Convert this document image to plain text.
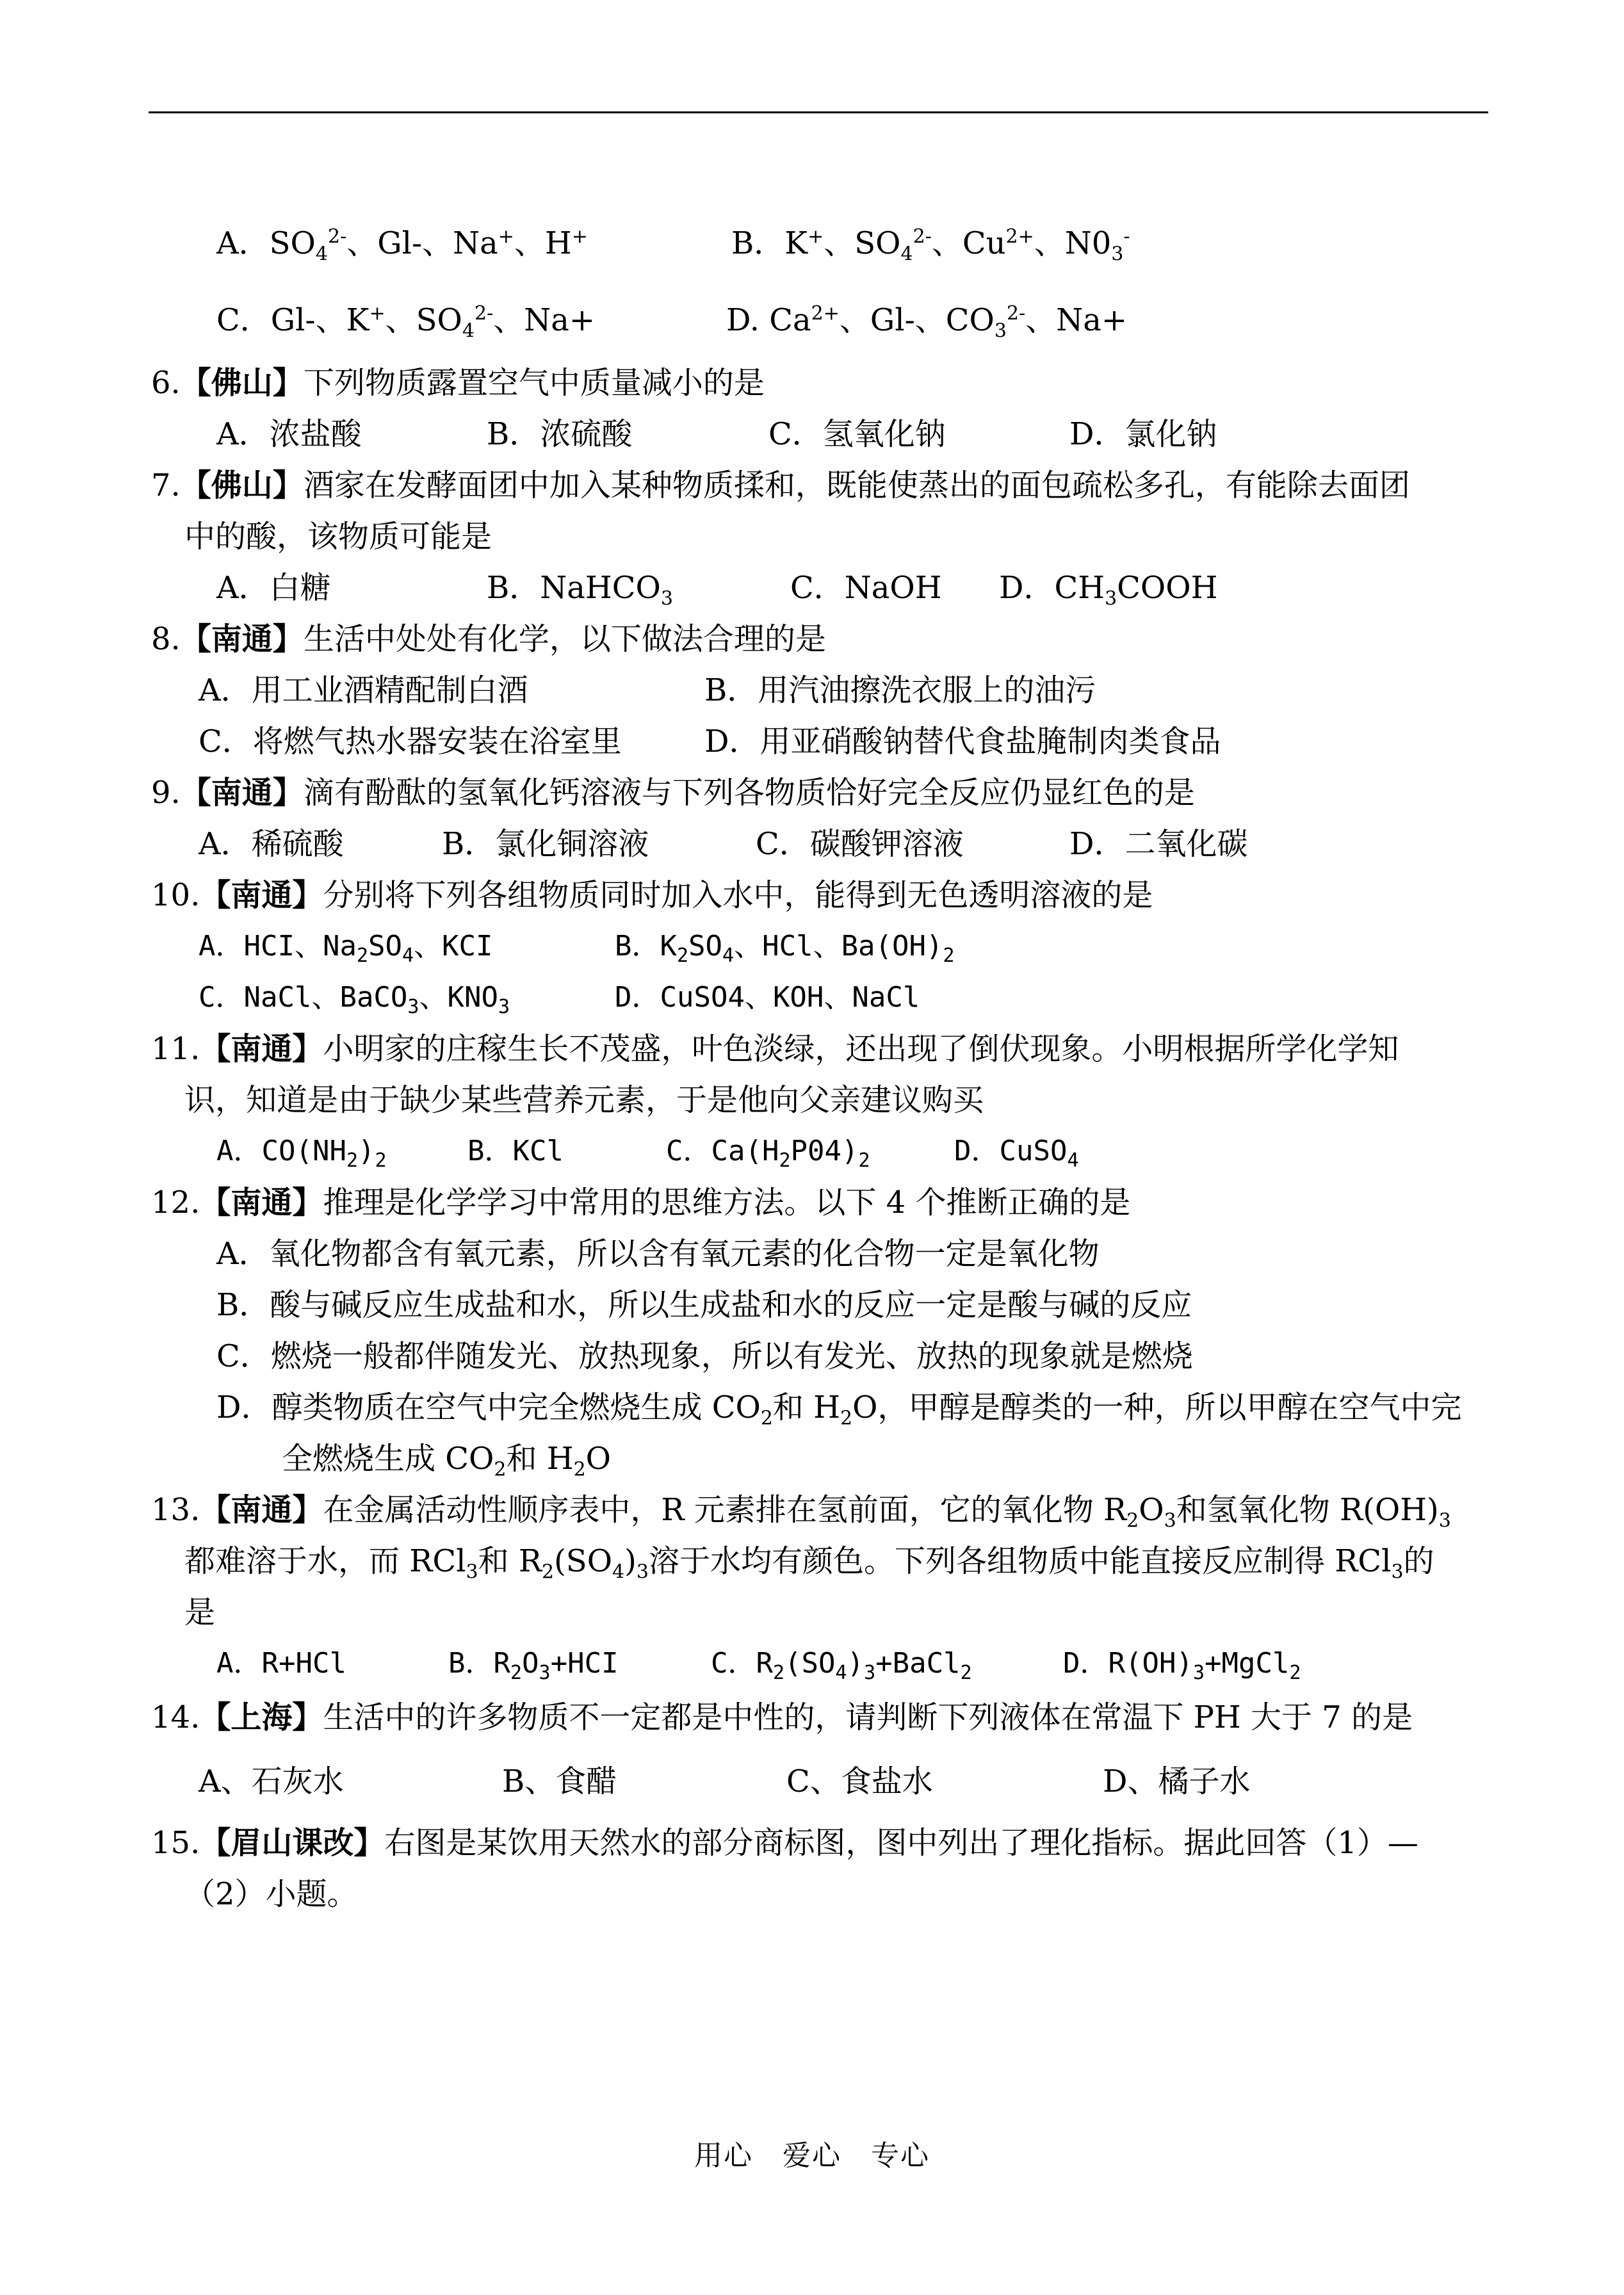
A．$SO_4^{2-}$、Gl-、Na+、H+	B．K+、$SO_4^{2-}$、$Cu^{2+}$、$N0_3^-$
C．Gl-、K+、$SO_4^{2-}$、Na+	D. $Ca^{2+}$、Gl-、$CO_3^{2-}$、Na+
6.【佛山】下列物质露置空气中质量减小的是
A．浓盐酸	B．浓硫酸	C．氢氧化钠	D．氯化钠
7.【佛山】酒家在发酵面团中加入某种物质揉和，既能使蒸出的面包疏松多孔，有能除去面团
中的酸，该物质可能是
A．白糖	B．NaHCO$_3$	C．NaOH D．$CH_3COOH$
8.【南通】生活中处处有化学，以下做法合理的是
A．用工业酒精配制白酒	B．用汽油擦洗衣服上的油污
C．将燃气热水器安装在浴室里	D．用亚硝酸钠替代食盐腌制肉类食品
9.【南通】滴有酚酞的氢氧化钙溶液与下列各物质恰好完全反应仍显红色的是
A．稀硫酸	B．氯化铜溶液	C．碳酸钾溶液	D．二氧化碳
10.【南通】分别将下列各组物质同时加入水中，能得到无色透明溶液的是
A．HCI、$Na_2SO_4$、KCI	B．$K_2SO_4$、HCl、$Ba(OH)_2$
C．NaCl、BaCO$_3$、$KNO_3$	D．CuSO4、KOH、NaCl
11.【南通】小明家的庄稼生长不茂盛，叶色淡绿，还出现了倒伏现象。小明根据所学化学知
识，知道是由于缺少某些营养元素，于是他向父亲建议购买
A．$CO(NH_2)_2$	B．KCl	C．$Ca(H_2P04)_2$	D．CuSO$_4$
12.【南通】推理是化学学习中常用的思维方法。以下 4 个推断正确的是
A．氧化物都含有氧元素，所以含有氧元素的化合物一定是氧化物
B．酸与碱反应生成盐和水，所以生成盐和水的反应一定是酸与碱的反应
C．燃烧一般都伴随发光、放热现象，所以有发光、放热的现象就是燃烧
D．醇类物质在空气中完全燃烧生成 $CO_2$和 $H_2O$，甲醇是醇类的一种，所以甲醇在空气中完
全燃烧生成 $CO_2$和 $H_2O$
13.【南通】在金属活动性顺序表中，R 元素排在氢前面，它的氧化物 $R_2O_3$和氢氧化物 $R(OH)_3$
都难溶于水，而 RCl$_3$和 $R_2(SO_4)_3$溶于水均有颜色。下列各组物质中能直接反应制得 RCl$_3$的
是
A．R+HCl	B．$R_2O_3+HCI$	C．$R_2(SO_4)_3+BaCl_2$	D．$R(OH)_3+MgCl_2$
14.【上海】生活中的许多物质不一定都是中性的，请判断下列液体在常温下 PH 大于 7 的是
A、石灰水	B、食醋	C、食盐水	D、橘子水
15.【眉山课改】右图是某饮用天然水的部分商标图，图中列出了理化指标。据此回答（1）—
（2）小题。
用心　爱心　专心
